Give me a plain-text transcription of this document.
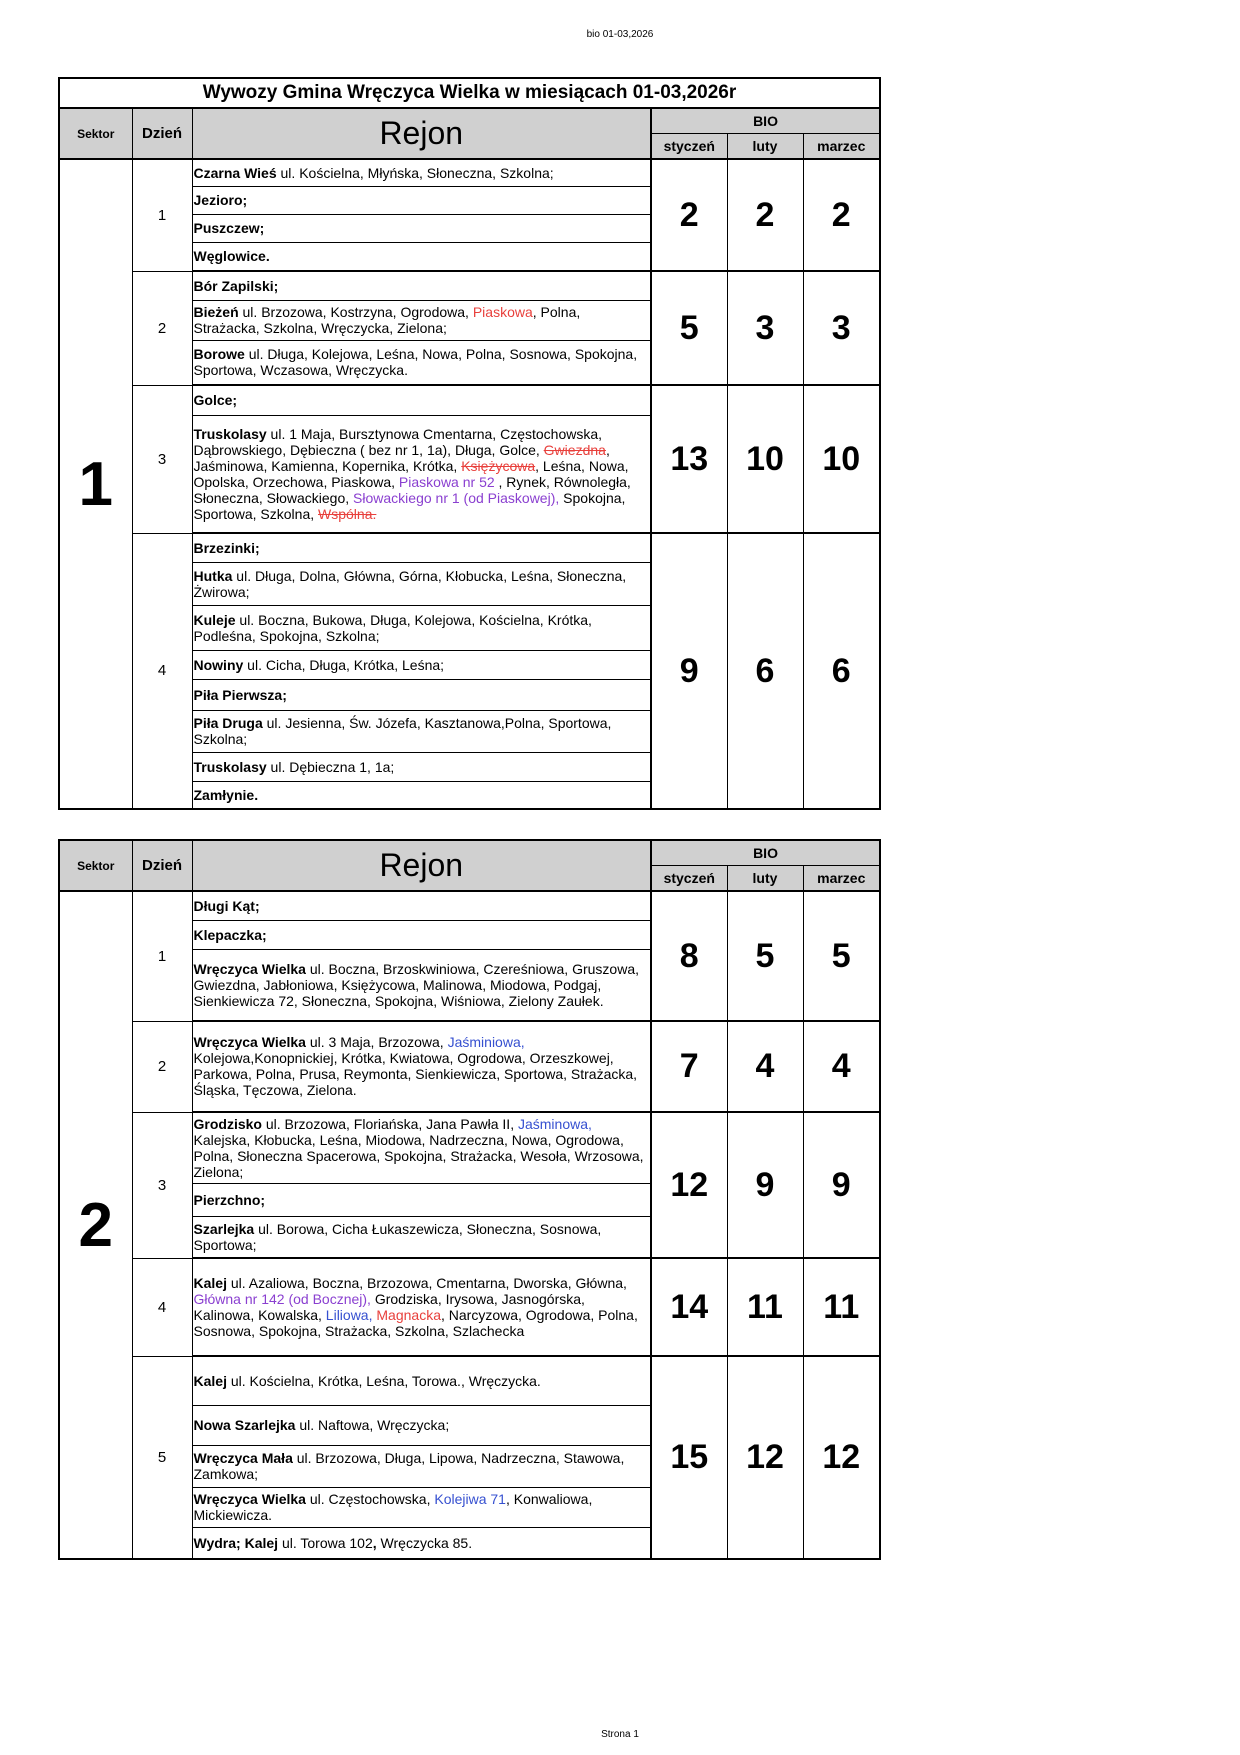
bio 01-03,2026
Wywozy Gmina Wręczyca Wielka w miesiącach 01-03,2026r					
Sektor	Dzień	Rejon	BIO		
			styczeń	luty	marzec
1	1	Czarna Wieś ul. Kościelna, Młyńska, Słoneczna, Szkolna;	2	2	2
		Jezioro;			
		Puszczew;			
		Węglowice.			
	2	Bór Zapilski;	5	3	3
		Bieżeń ul. Brzozowa, Kostrzyna, Ogrodowa, Piaskowa, Polna, Strażacka, Szkolna, Wręczycka, Zielona;			
		Borowe ul. Długa, Kolejowa, Leśna, Nowa, Polna, Sosnowa, Spokojna, Sportowa, Wczasowa, Wręczycka.			
	3	Golce;	13	10	10
		Truskolasy ul. 1 Maja, Bursztynowa Cmentarna, Częstochowska, Dąbrowskiego, Dębieczna ( bez nr 1, 1a), Długa, Golce, Gwiezdna, Jaśminowa, Kamienna, Kopernika, Krótka, Księżycowa, Leśna, Nowa, Opolska, Orzechowa, Piaskowa, Piaskowa nr 52 , Rynek, Równoległa, Słoneczna, Słowackiego, Słowackiego nr 1 (od Piaskowej), Spokojna, Sportowa, Szkolna, Wspólna.			
	4	Brzezinki;	9	6	6
		Hutka ul. Długa, Dolna, Główna, Górna, Kłobucka, Leśna, Słoneczna, Żwirowa;			
		Kuleje ul. Boczna, Bukowa, Długa, Kolejowa, Kościelna, Krótka, Podleśna, Spokojna, Szkolna;			
		Nowiny ul. Cicha, Długa, Krótka, Leśna;			
		Piła Pierwsza;			
		Piła Druga ul. Jesienna, Św. Józefa, Kasztanowa,Polna, Sportowa, Szkolna;			
		Truskolasy ul. Dębieczna 1, 1a;			
		Zamłynie.			
Sektor	Dzień	Rejon	BIO		
			styczeń	luty	marzec
2	1	Długi Kąt;	8	5	5
		Klepaczka;			
		Wręczyca Wielka ul. Boczna, Brzoskwiniowa, Czereśniowa, Gruszowa, Gwiezdna, Jabłoniowa, Księżycowa, Malinowa, Miodowa, Podgaj, Sienkiewicza 72, Słoneczna, Spokojna, Wiśniowa, Zielony Zaułek.			
	2	Wręczyca Wielka ul. 3 Maja, Brzozowa, Jaśminiowa, Kolejowa,Konopnickiej, Krótka, Kwiatowa, Ogrodowa, Orzeszkowej, Parkowa, Polna, Prusa, Reymonta, Sienkiewicza, Sportowa, Strażacka, Śląska, Tęczowa, Zielona.	7	4	4
	3	Grodzisko ul. Brzozowa, Floriańska, Jana Pawła II, Jaśminowa, Kalejska, Kłobucka, Leśna, Miodowa, Nadrzeczna, Nowa, Ogrodowa, Polna, Słoneczna Spacerowa, Spokojna, Strażacka, Wesoła, Wrzosowa, Zielona;	12	9	9
		Pierzchno;			
		Szarlejka ul. Borowa, Cicha Łukaszewicza, Słoneczna, Sosnowa, Sportowa;			
	4	Kalej ul. Azaliowa, Boczna, Brzozowa, Cmentarna, Dworska, Główna, Główna nr 142 (od Bocznej), Grodziska, Irysowa, Jasnogórska, Kalinowa, Kowalska, Liliowa, Magnacka, Narcyzowa, Ogrodowa, Polna, Sosnowa, Spokojna, Strażacka, Szkolna, Szlachecka	14	11	11
	5	Kalej ul. Kościelna, Krótka, Leśna, Torowa., Wręczycka.	15	12	12
		Nowa Szarlejka ul. Naftowa, Wręczycka;			
		Wręczyca Mała ul. Brzozowa, Długa, Lipowa, Nadrzeczna, Stawowa, Zamkowa;			
		Wręczyca Wielka ul. Częstochowska, Kolejiwa 71, Konwaliowa, Mickiewicza.			
		Wydra; Kalej ul. Torowa 102, Wręczycka 85.			
Strona 1
